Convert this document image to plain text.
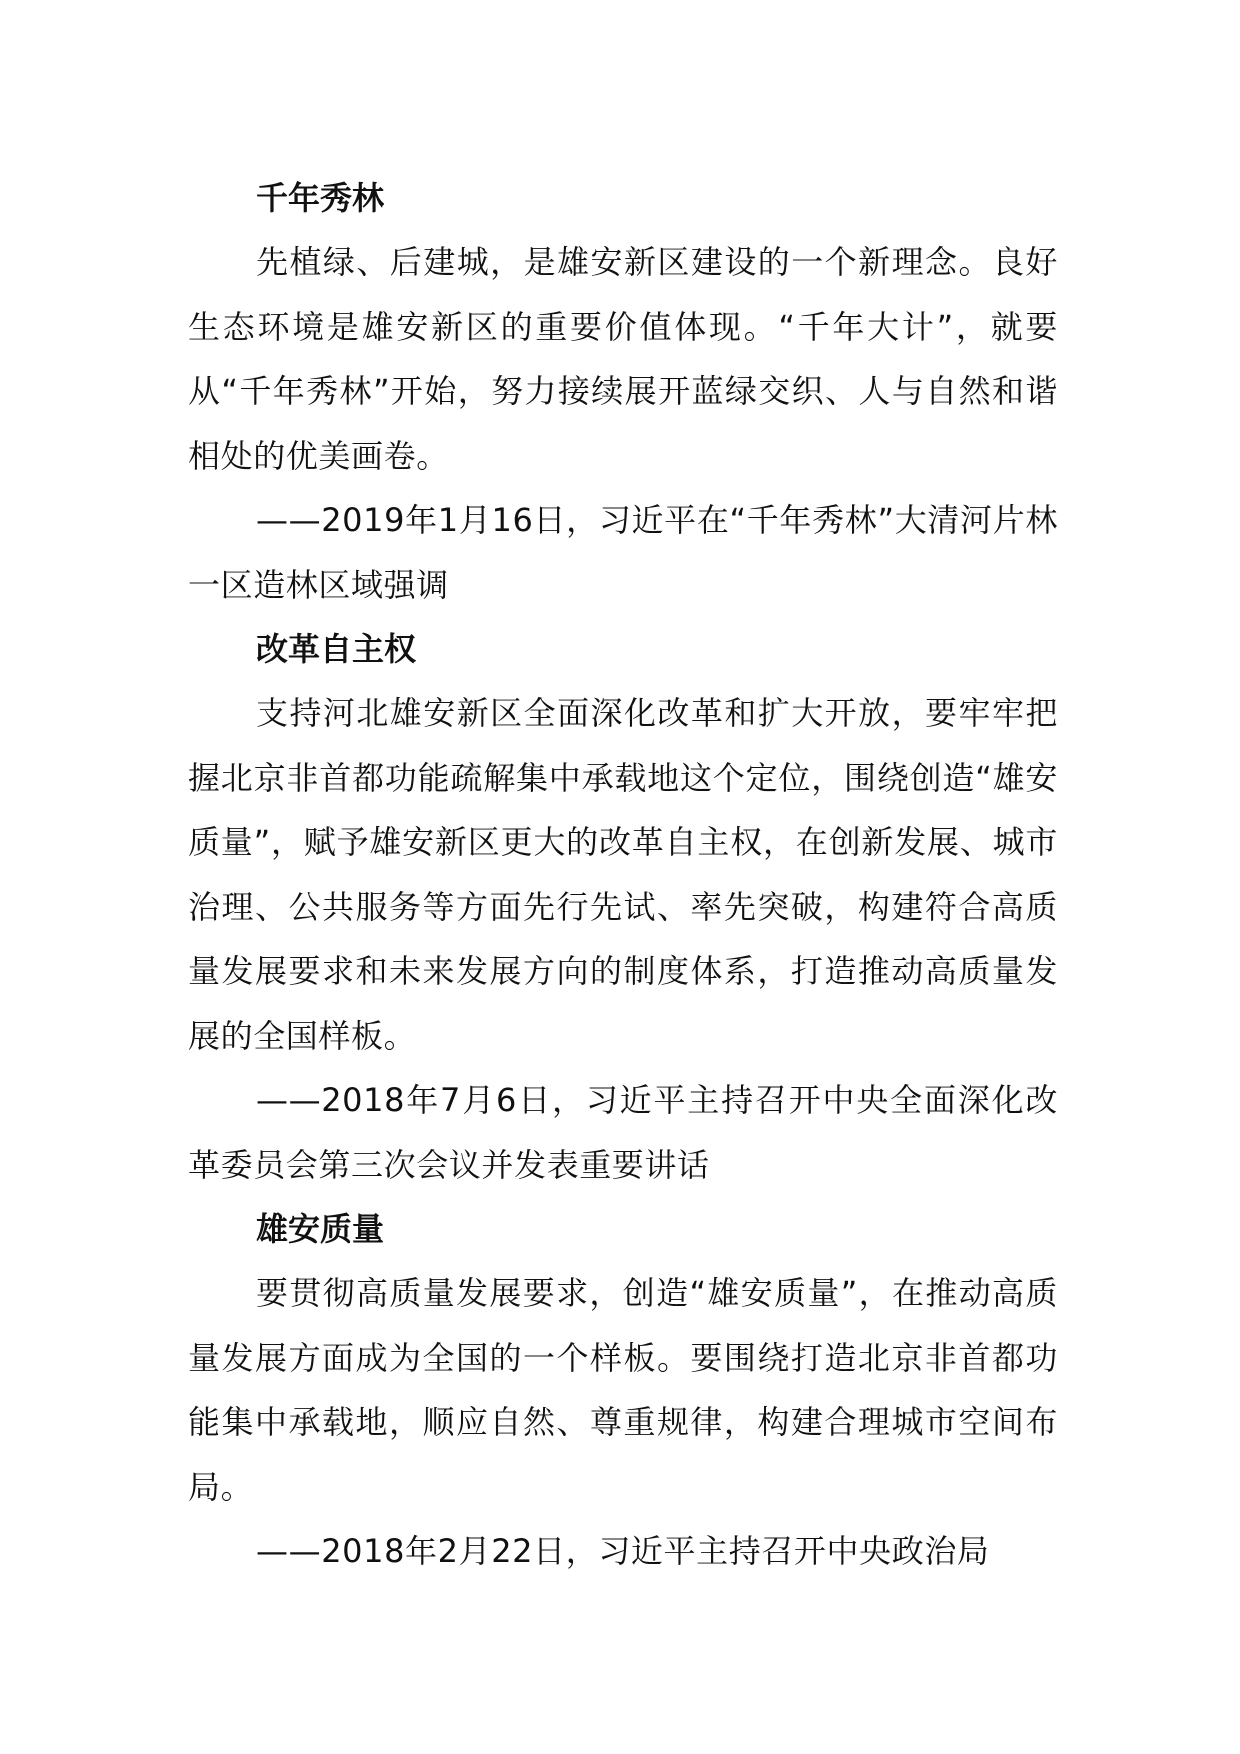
千年秀林

先植绿、后建城，是雄安新区建设的一个新理念。良好生态环境是雄安新区的重要价值体现。“千年大计”，就要从“千年秀林”开始，努力接续展开蓝绿交织、人与自然和谐相处的优美画卷。

——2019年1月16日，习近平在“千年秀林”大清河片林一区造林区域强调

改革自主权

支持河北雄安新区全面深化改革和扩大开放，要牢牢把握北京非首都功能疏解集中承载地这个定位，围绕创造“雄安质量”，赋予雄安新区更大的改革自主权，在创新发展、城市治理、公共服务等方面先行先试、率先突破，构建符合高质量发展要求和未来发展方向的制度体系，打造推动高质量发展的全国样板。

——2018年7月6日，习近平主持召开中央全面深化改革委员会第三次会议并发表重要讲话

雄安质量

要贯彻高质量发展要求，创造“雄安质量”，在推动高质量发展方面成为全国的一个样板。要围绕打造北京非首都功能集中承载地，顺应自然、尊重规律，构建合理城市空间布局。

——2018年2月22日，习近平主持召开中央政治局
